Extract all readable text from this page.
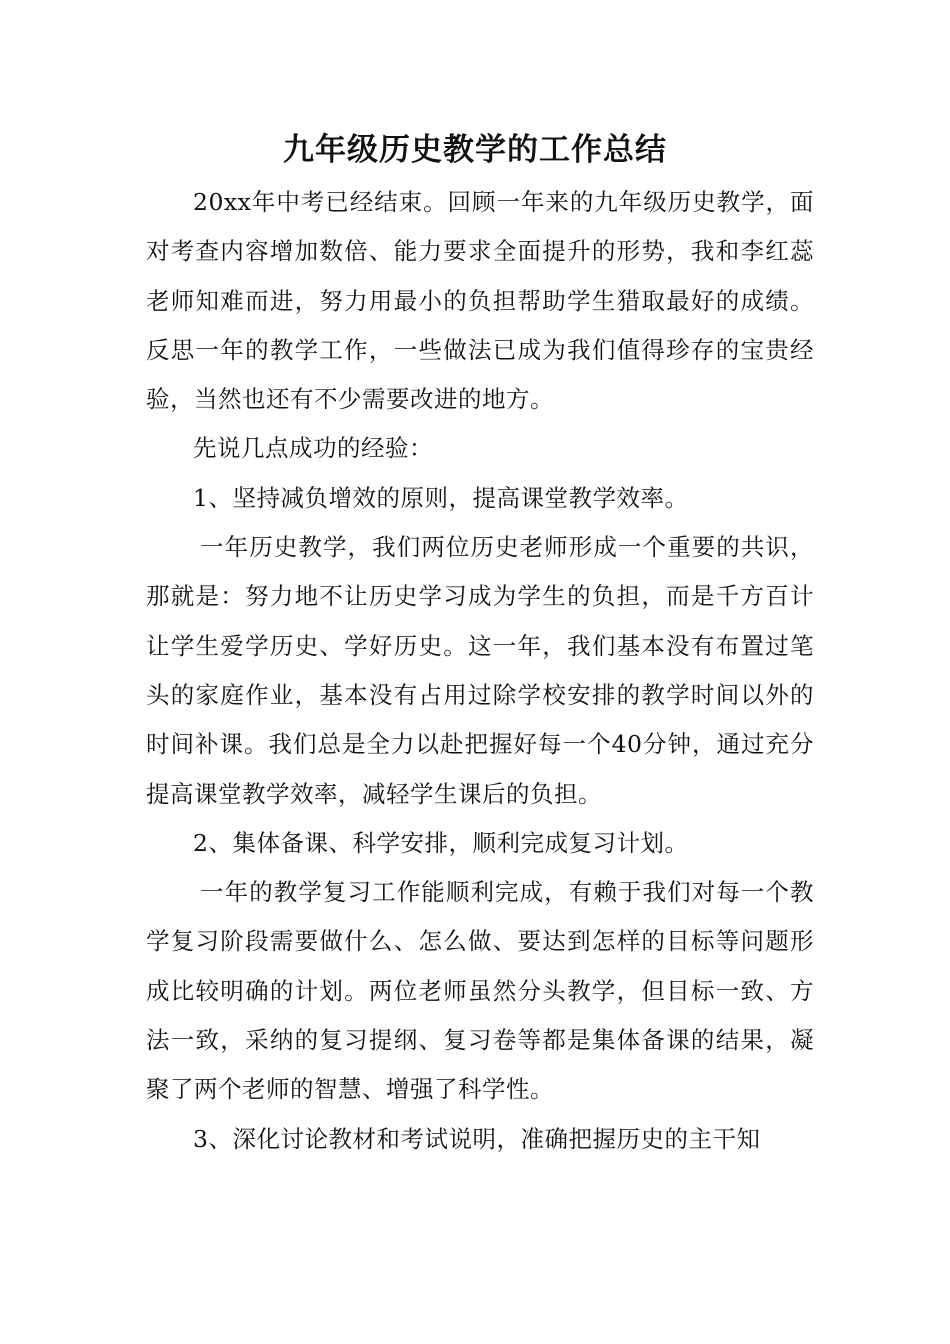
九年级历史教学的工作总结

20xx年中考已经结束。回顾一年来的九年级历史教学，面对考查内容增加数倍、能力要求全面提升的形势，我和李红蕊老师知难而进，努力用最小的负担帮助学生猎取最好的成绩。反思一年的教学工作，一些做法已成为我们值得珍存的宝贵经验，当然也还有不少需要改进的地方。

先说几点成功的经验：

1、坚持减负增效的原则，提高课堂教学效率。

一年历史教学，我们两位历史老师形成一个重要的共识，那就是：努力地不让历史学习成为学生的负担，而是千方百计让学生爱学历史、学好历史。这一年，我们基本没有布置过笔头的家庭作业，基本没有占用过除学校安排的教学时间以外的时间补课。我们总是全力以赴把握好每一个40分钟，通过充分提高课堂教学效率，减轻学生课后的负担。

2、集体备课、科学安排，顺利完成复习计划。

一年的教学复习工作能顺利完成，有赖于我们对每一个教学复习阶段需要做什么、怎么做、要达到怎样的目标等问题形成比较明确的计划。两位老师虽然分头教学，但目标一致、方法一致，采纳的复习提纲、复习卷等都是集体备课的结果，凝聚了两个老师的智慧、增强了科学性。

3、深化讨论教材和考试说明，准确把握历史的主干知
